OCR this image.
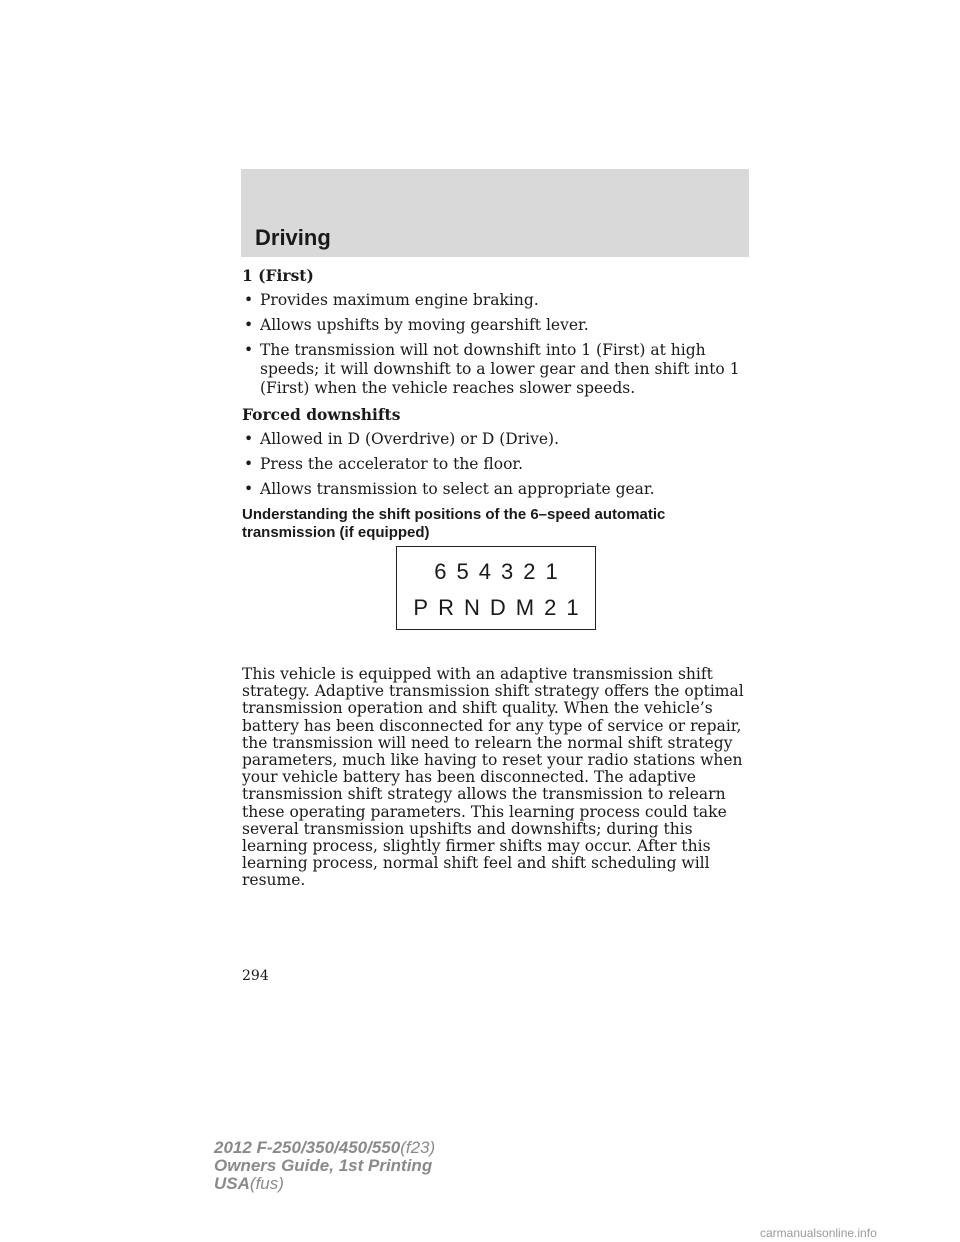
Driving

1 (First)

• Provides maximum engine braking.
• Allows upshifts by moving gearshift lever.
• The transmission will not downshift into 1 (First) at high speeds; it will downshift to a lower gear and then shift into 1 (First) when the vehicle reaches slower speeds.

Forced downshifts

• Allowed in D (Overdrive) or D (Drive).
• Press the accelerator to the floor.
• Allows transmission to select an appropriate gear.

Understanding the shift positions of the 6–speed automatic transmission (if equipped)

654321
PRNDM21

This vehicle is equipped with an adaptive transmission shift strategy. Adaptive transmission shift strategy offers the optimal transmission operation and shift quality. When the vehicle’s battery has been disconnected for any type of service or repair, the transmission will need to relearn the normal shift strategy parameters, much like having to reset your radio stations when your vehicle battery has been disconnected. The adaptive transmission shift strategy allows the transmission to relearn these operating parameters. This learning process could take several transmission upshifts and downshifts; during this learning process, slightly firmer shifts may occur. After this learning process, normal shift feel and shift scheduling will resume.

294
2012 F-250/350/450/550(f23)
Owners Guide, 1st Printing
USA(fus)
carmanualsonline.info
